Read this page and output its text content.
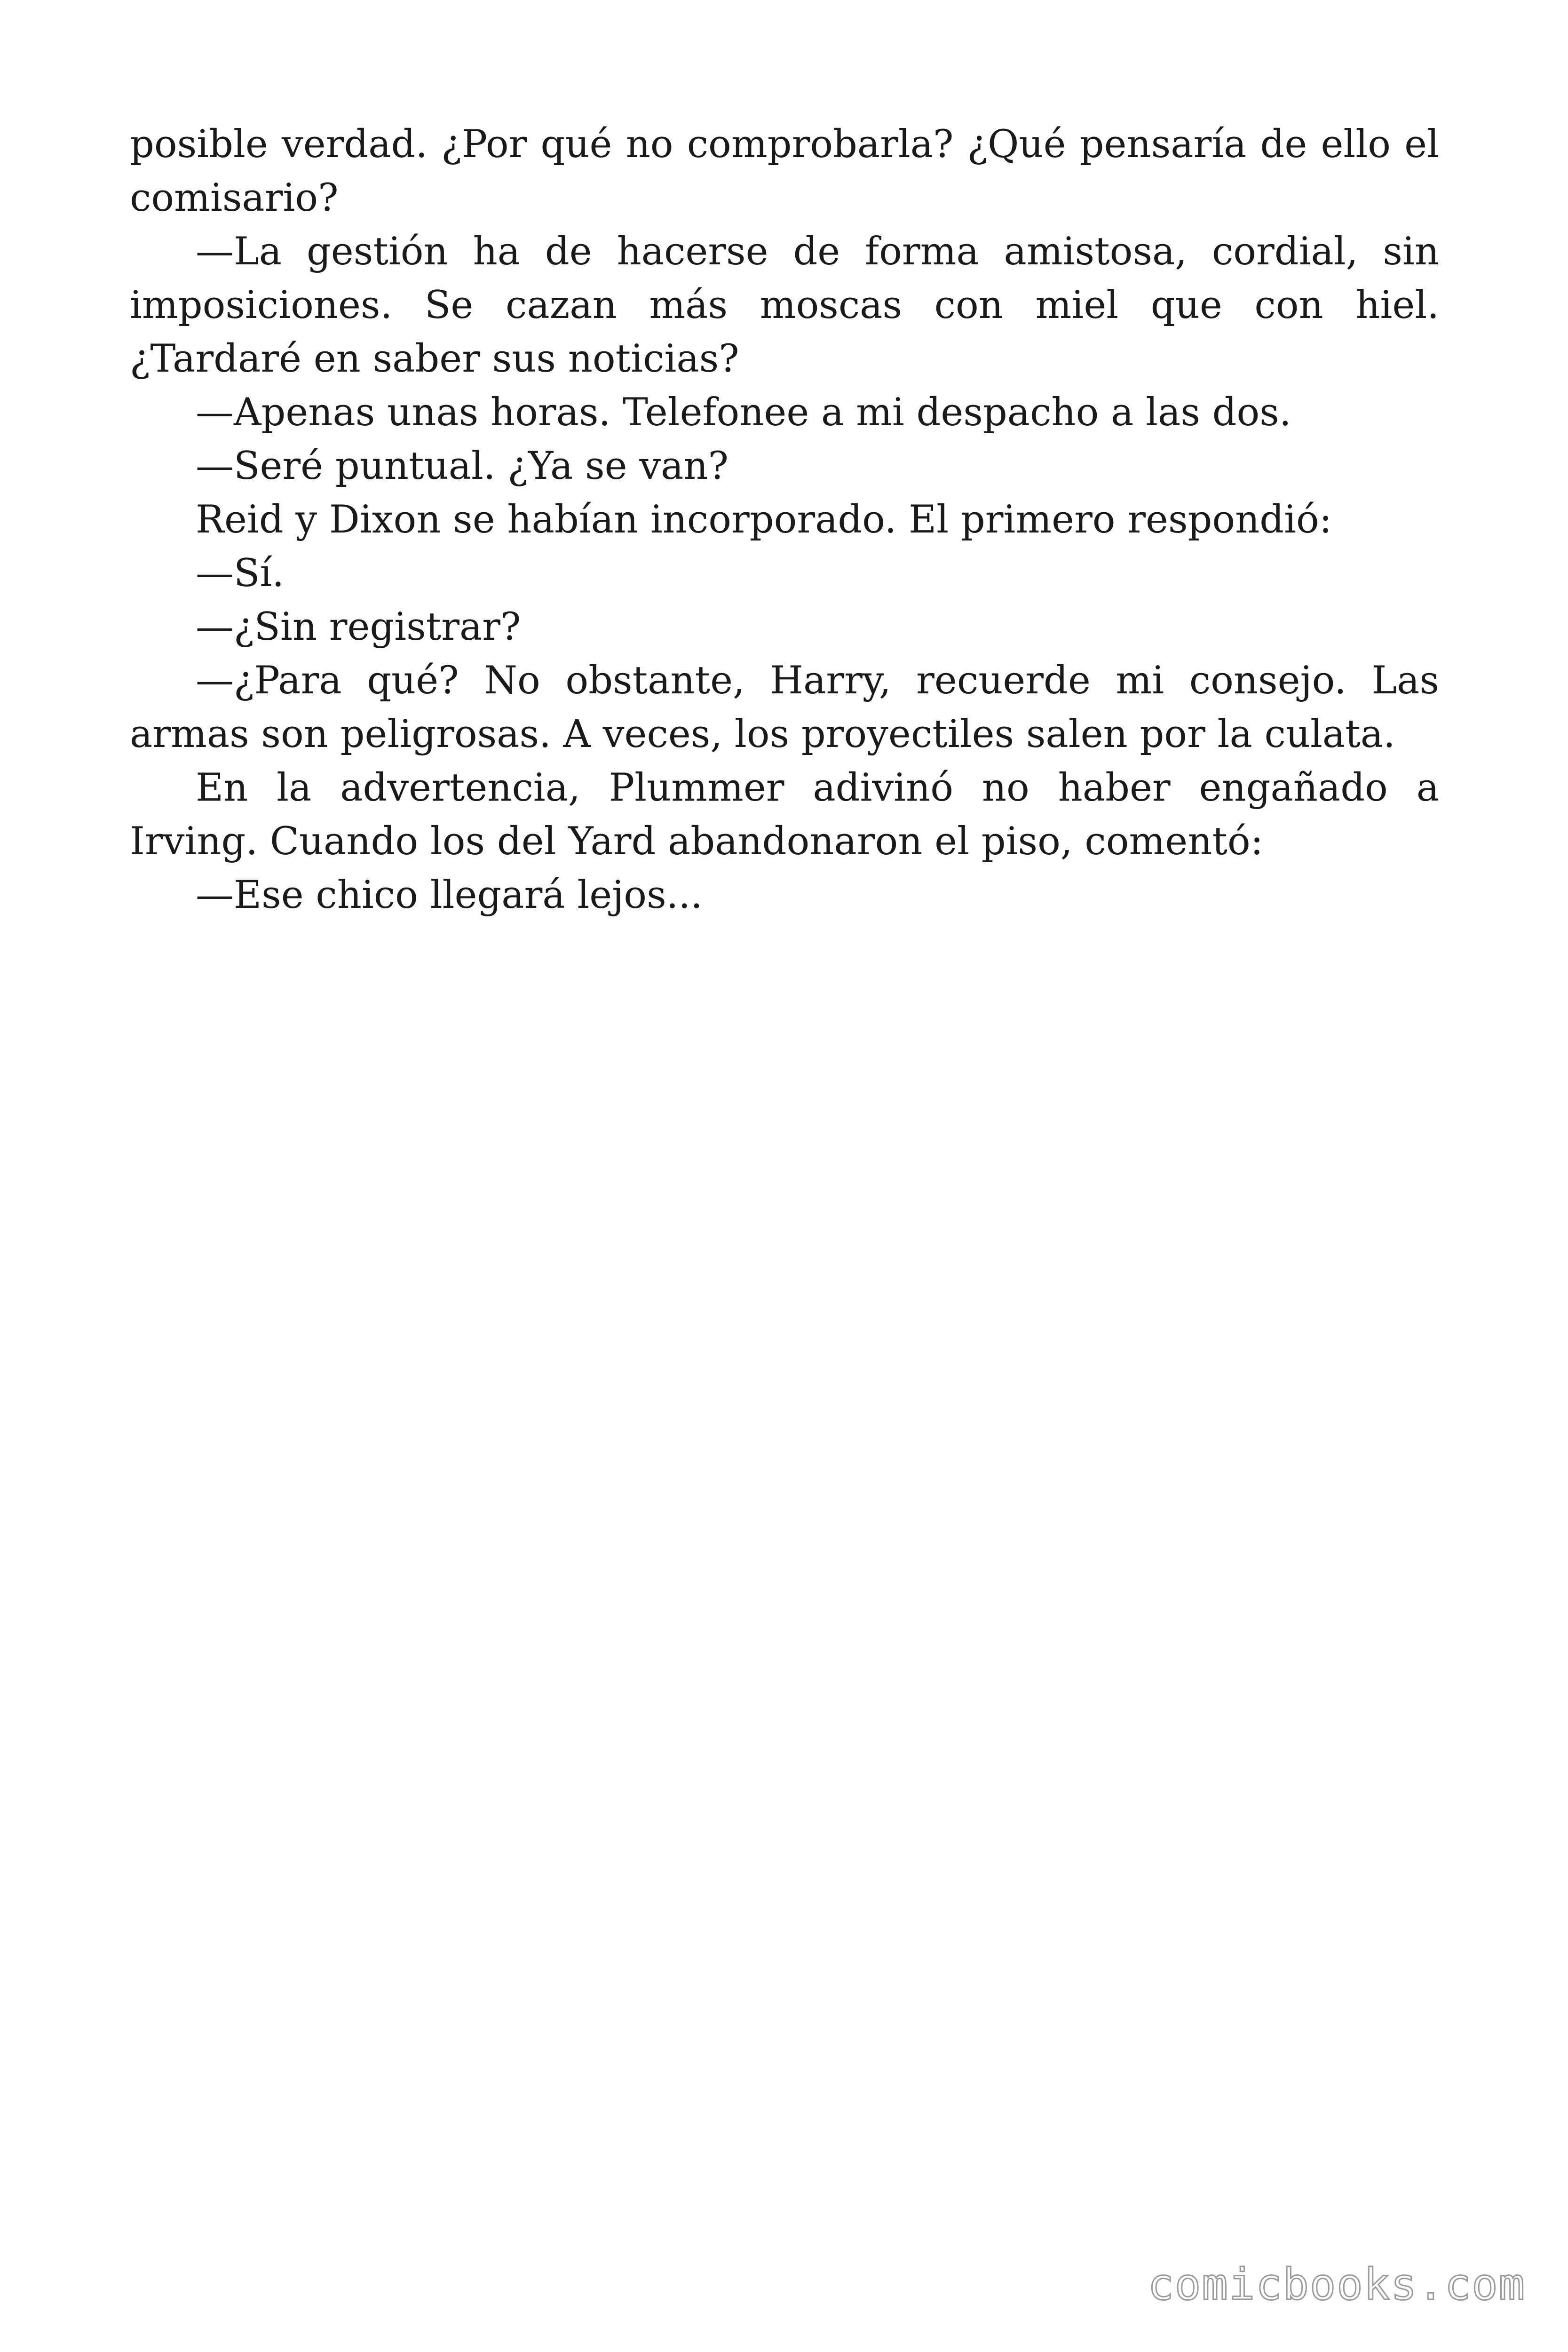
posible verdad. ¿Por qué no comprobarla? ¿Qué pensaría de ello el comisario?

—La gestión ha de hacerse de forma amistosa, cordial, sin imposiciones. Se cazan más moscas con miel que con hiel. ¿Tardaré en saber sus noticias?

—Apenas unas horas. Telefonee a mi despacho a las dos.

—Seré puntual. ¿Ya se van?

Reid y Dixon se habían incorporado. El primero respondió:

—Sí.

—¿Sin registrar?

—¿Para qué? No obstante, Harry, recuerde mi consejo. Las armas son peligrosas. A veces, los proyectiles salen por la culata.

En la advertencia, Plummer adivinó no haber engañado a Irving. Cuando los del Yard abandonaron el piso, comentó:

—Ese chico llegará lejos...

comicbooks.com
